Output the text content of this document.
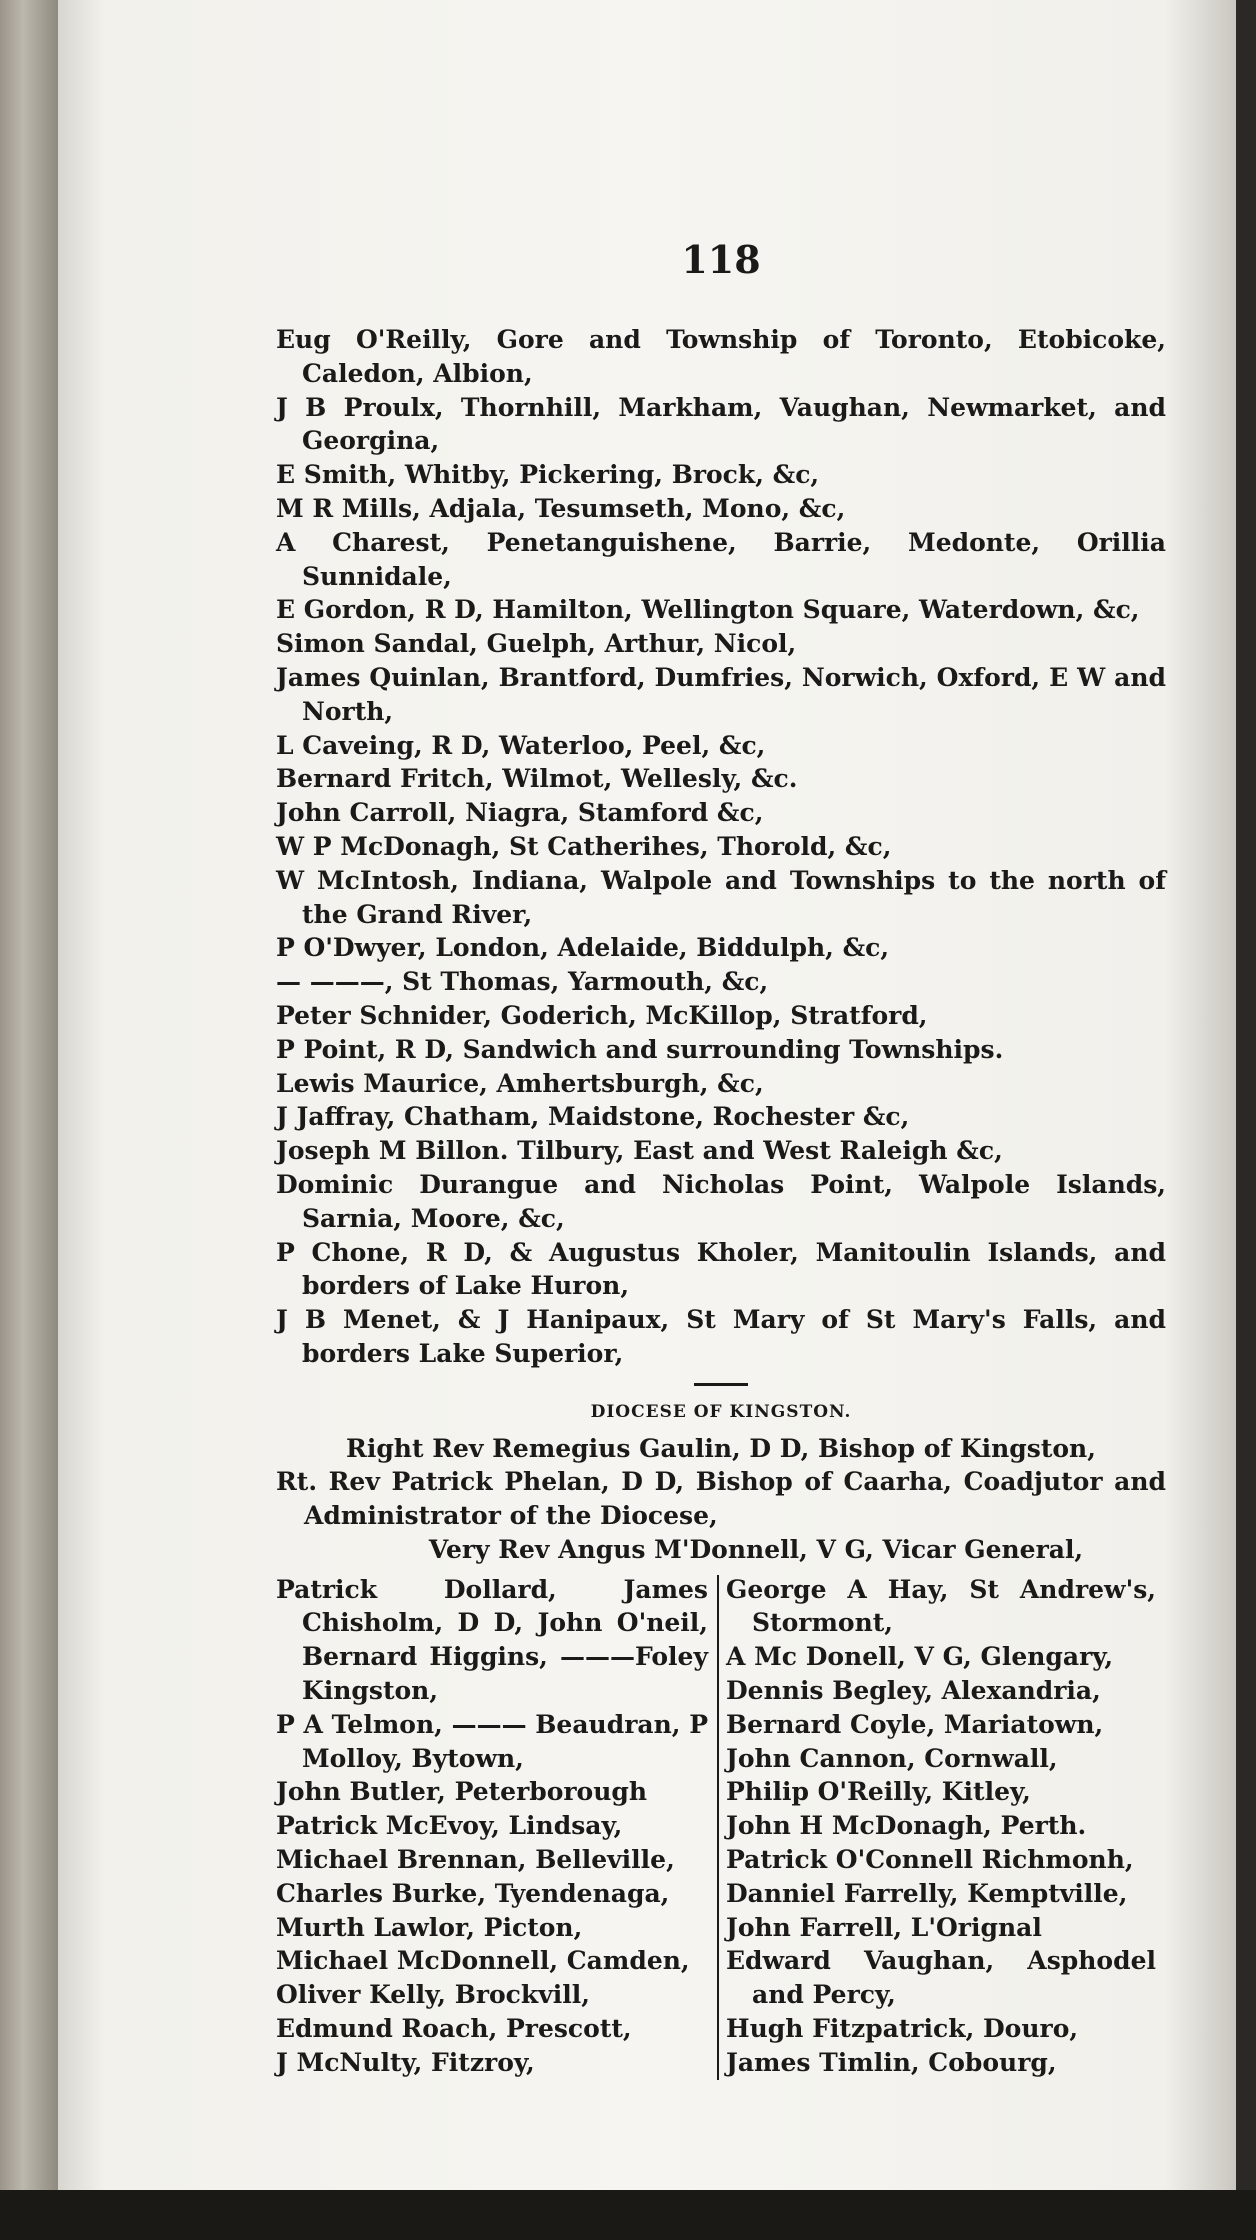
118
Eug O'Reilly, Gore and Township of Toronto, Etobicoke, Caledon, Albion,
J B Proulx, Thornhill, Markham, Vaughan, Newmarket, and Georgina,
E Smith, Whitby, Pickering, Brock, &c,
M R Mills, Adjala, Tesumseth, Mono, &c,
A Charest, Penetanguishene, Barrie, Medonte, Orillia Sunnidale,
E Gordon, R D, Hamilton, Wellington Square, Waterdown, &c,
Simon Sandal, Guelph, Arthur, Nicol,
James Quinlan, Brantford, Dumfries, Norwich, Oxford, E W and North,
L Caveing, R D, Waterloo, Peel, &c,
Bernard Fritch, Wilmot, Wellesly, &c.
John Carroll, Niagra, Stamford &c,
W P McDonagh, St Catherihes, Thorold, &c,
W McIntosh, Indiana, Walpole and Townships to the north of the Grand River,
P O'Dwyer, London, Adelaide, Biddulph, &c,
— ———, St Thomas, Yarmouth, &c,
Peter Schnider, Goderich, McKillop, Stratford,
P Point, R D, Sandwich and surrounding Townships.
Lewis Maurice, Amhertsburgh, &c,
J Jaffray, Chatham, Maidstone, Rochester &c,
Joseph M Billon. Tilbury, East and West Raleigh &c,
Dominic Durangue and Nicholas Point, Walpole Islands, Sarnia, Moore, &c,
P Chone, R D, & Augustus Kholer, Manitoulin Islands, and borders of Lake Huron,
J B Menet, & J Hanipaux, St Mary of St Mary's Falls, and borders Lake Superior,
DIOCESE OF KINGSTON.
Right Rev Remegius Gaulin, D D, Bishop of Kingston,
Rt. Rev Patrick Phelan, D D, Bishop of Caarha, Coadjutor and Administrator of the Diocese,
Very Rev Angus M'Donnell, V G, Vicar General,
Patrick Dollard, James Chisholm, D D, John O'neil, Bernard Higgins, ———Foley Kingston,
P A Telmon, ——— Beaudran, P Molloy, Bytown,
John Butler, Peterborough
Patrick McEvoy, Lindsay,
Michael Brennan, Belleville,
Charles Burke, Tyendenaga,
Murth Lawlor, Picton,
Michael McDonnell, Camden,
Oliver Kelly, Brockvill,
Edmund Roach, Prescott,
J McNulty, Fitzroy,
George A Hay, St Andrew's, Stormont,
A Mc Donell, V G, Glengary,
Dennis Begley, Alexandria,
Bernard Coyle, Mariatown,
John Cannon, Cornwall,
Philip O'Reilly, Kitley,
John H McDonagh, Perth.
Patrick O'Connell Richmonh,
Danniel Farrelly, Kemptville,
John Farrell, L'Orignal
Edward Vaughan, Asphodel and Percy,
Hugh Fitzpatrick, Douro,
James Timlin, Cobourg,
